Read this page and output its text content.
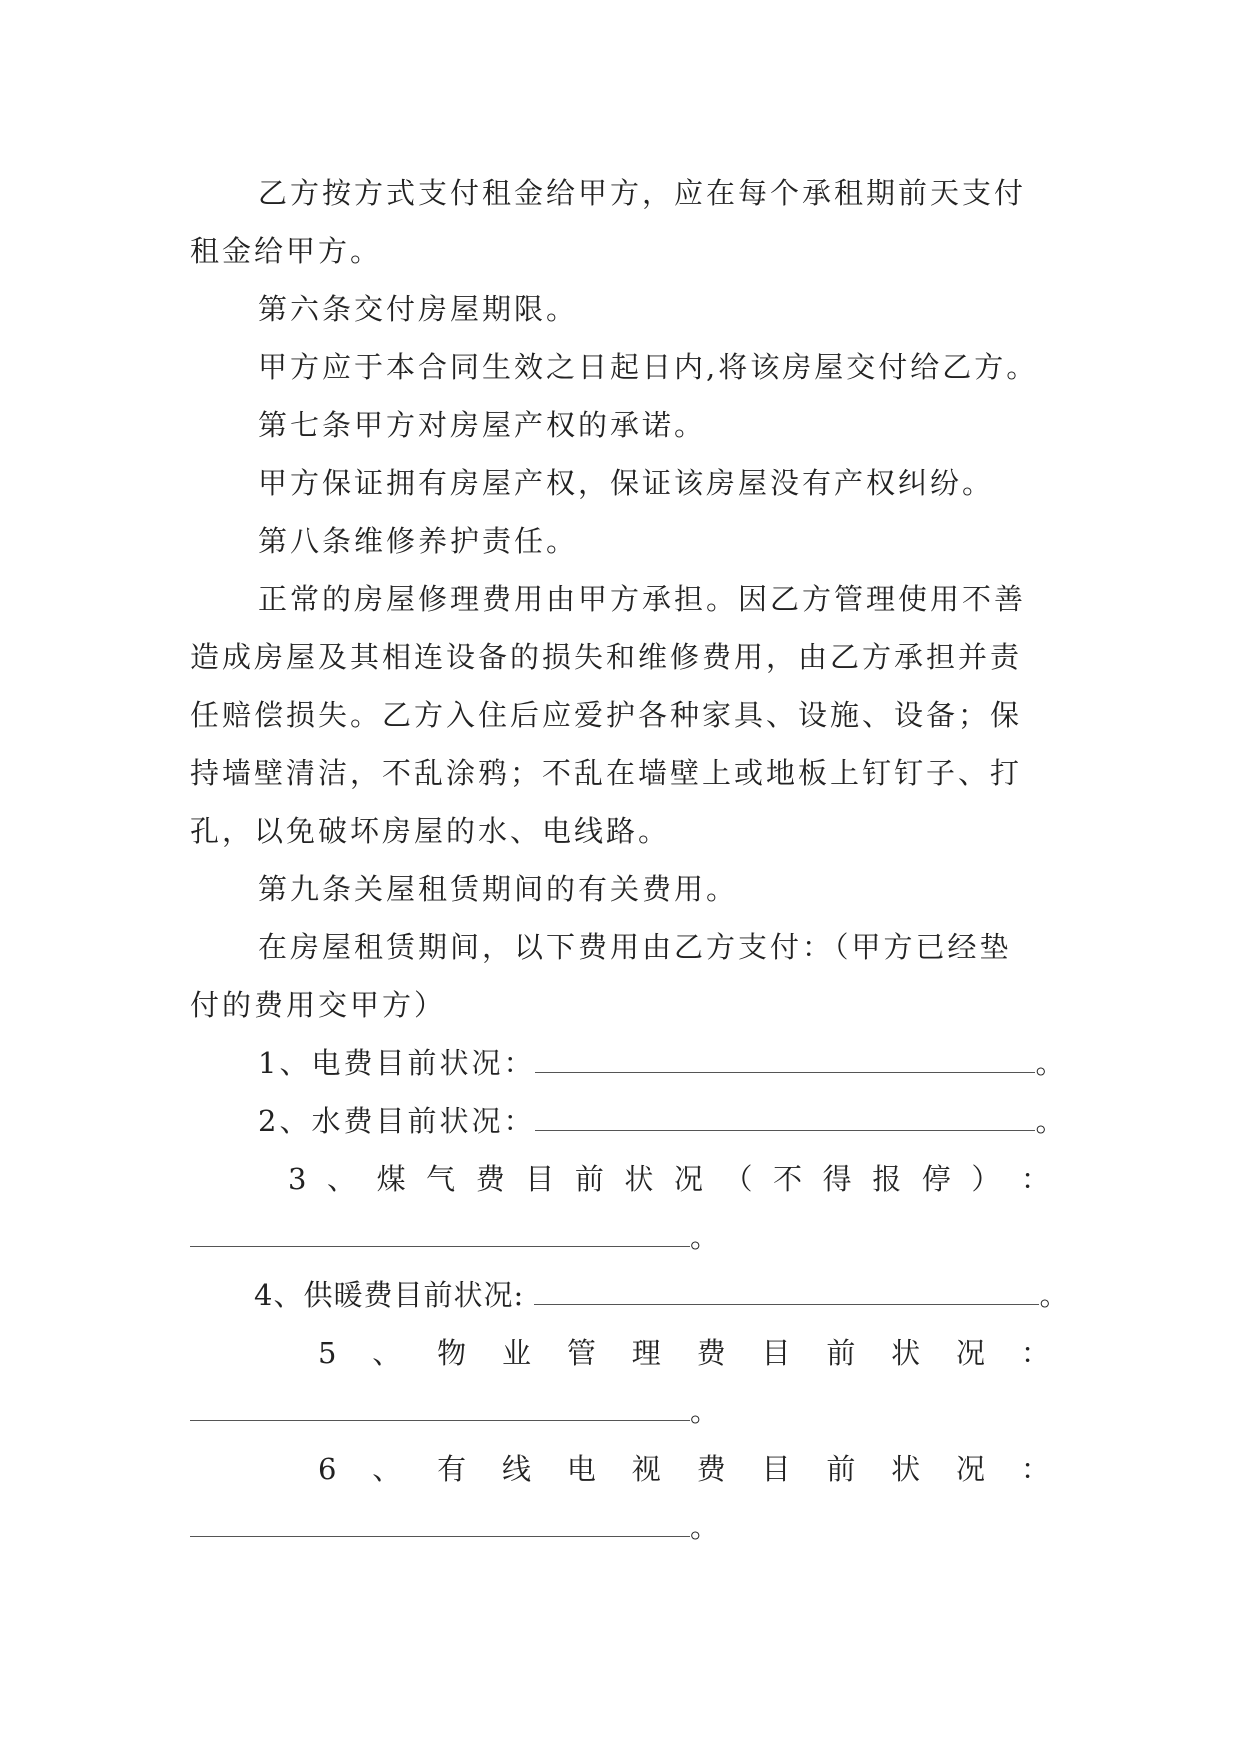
乙方按方式支付租金给甲方，应在每个承租期前天支付
租金给甲方。
第六条交付房屋期限。
甲方应于本合同生效之日起日内,将该房屋交付给乙方。
第七条甲方对房屋产权的承诺。
甲方保证拥有房屋产权，保证该房屋没有产权纠纷。
第八条维修养护责任。
正常的房屋修理费用由甲方承担。因乙方管理使用不善
造成房屋及其相连设备的损失和维修费用，由乙方承担并责
任赔偿损失。乙方入住后应爱护各种家具、设施、设备；保
持墙壁清洁，不乱涂鸦；不乱在墙壁上或地板上钉钉子、打
孔，以免破坏房屋的水、电线路。
第九条关屋租赁期间的有关费用。
在房屋租赁期间，以下费用由乙方支付：（甲方已经垫
付的费用交甲方）
1、电费目前状况：	。
2、水费目前状况：	。
3 、 煤 气 费 目 前 状 况 （ 不 得 报 停 ） ：
。
4、供暖费目前状况:	。
5 、 物 业 管 理 费 目 前 状 况 ：
。
6 、 有 线 电 视 费 目 前 状 况 ：
。
